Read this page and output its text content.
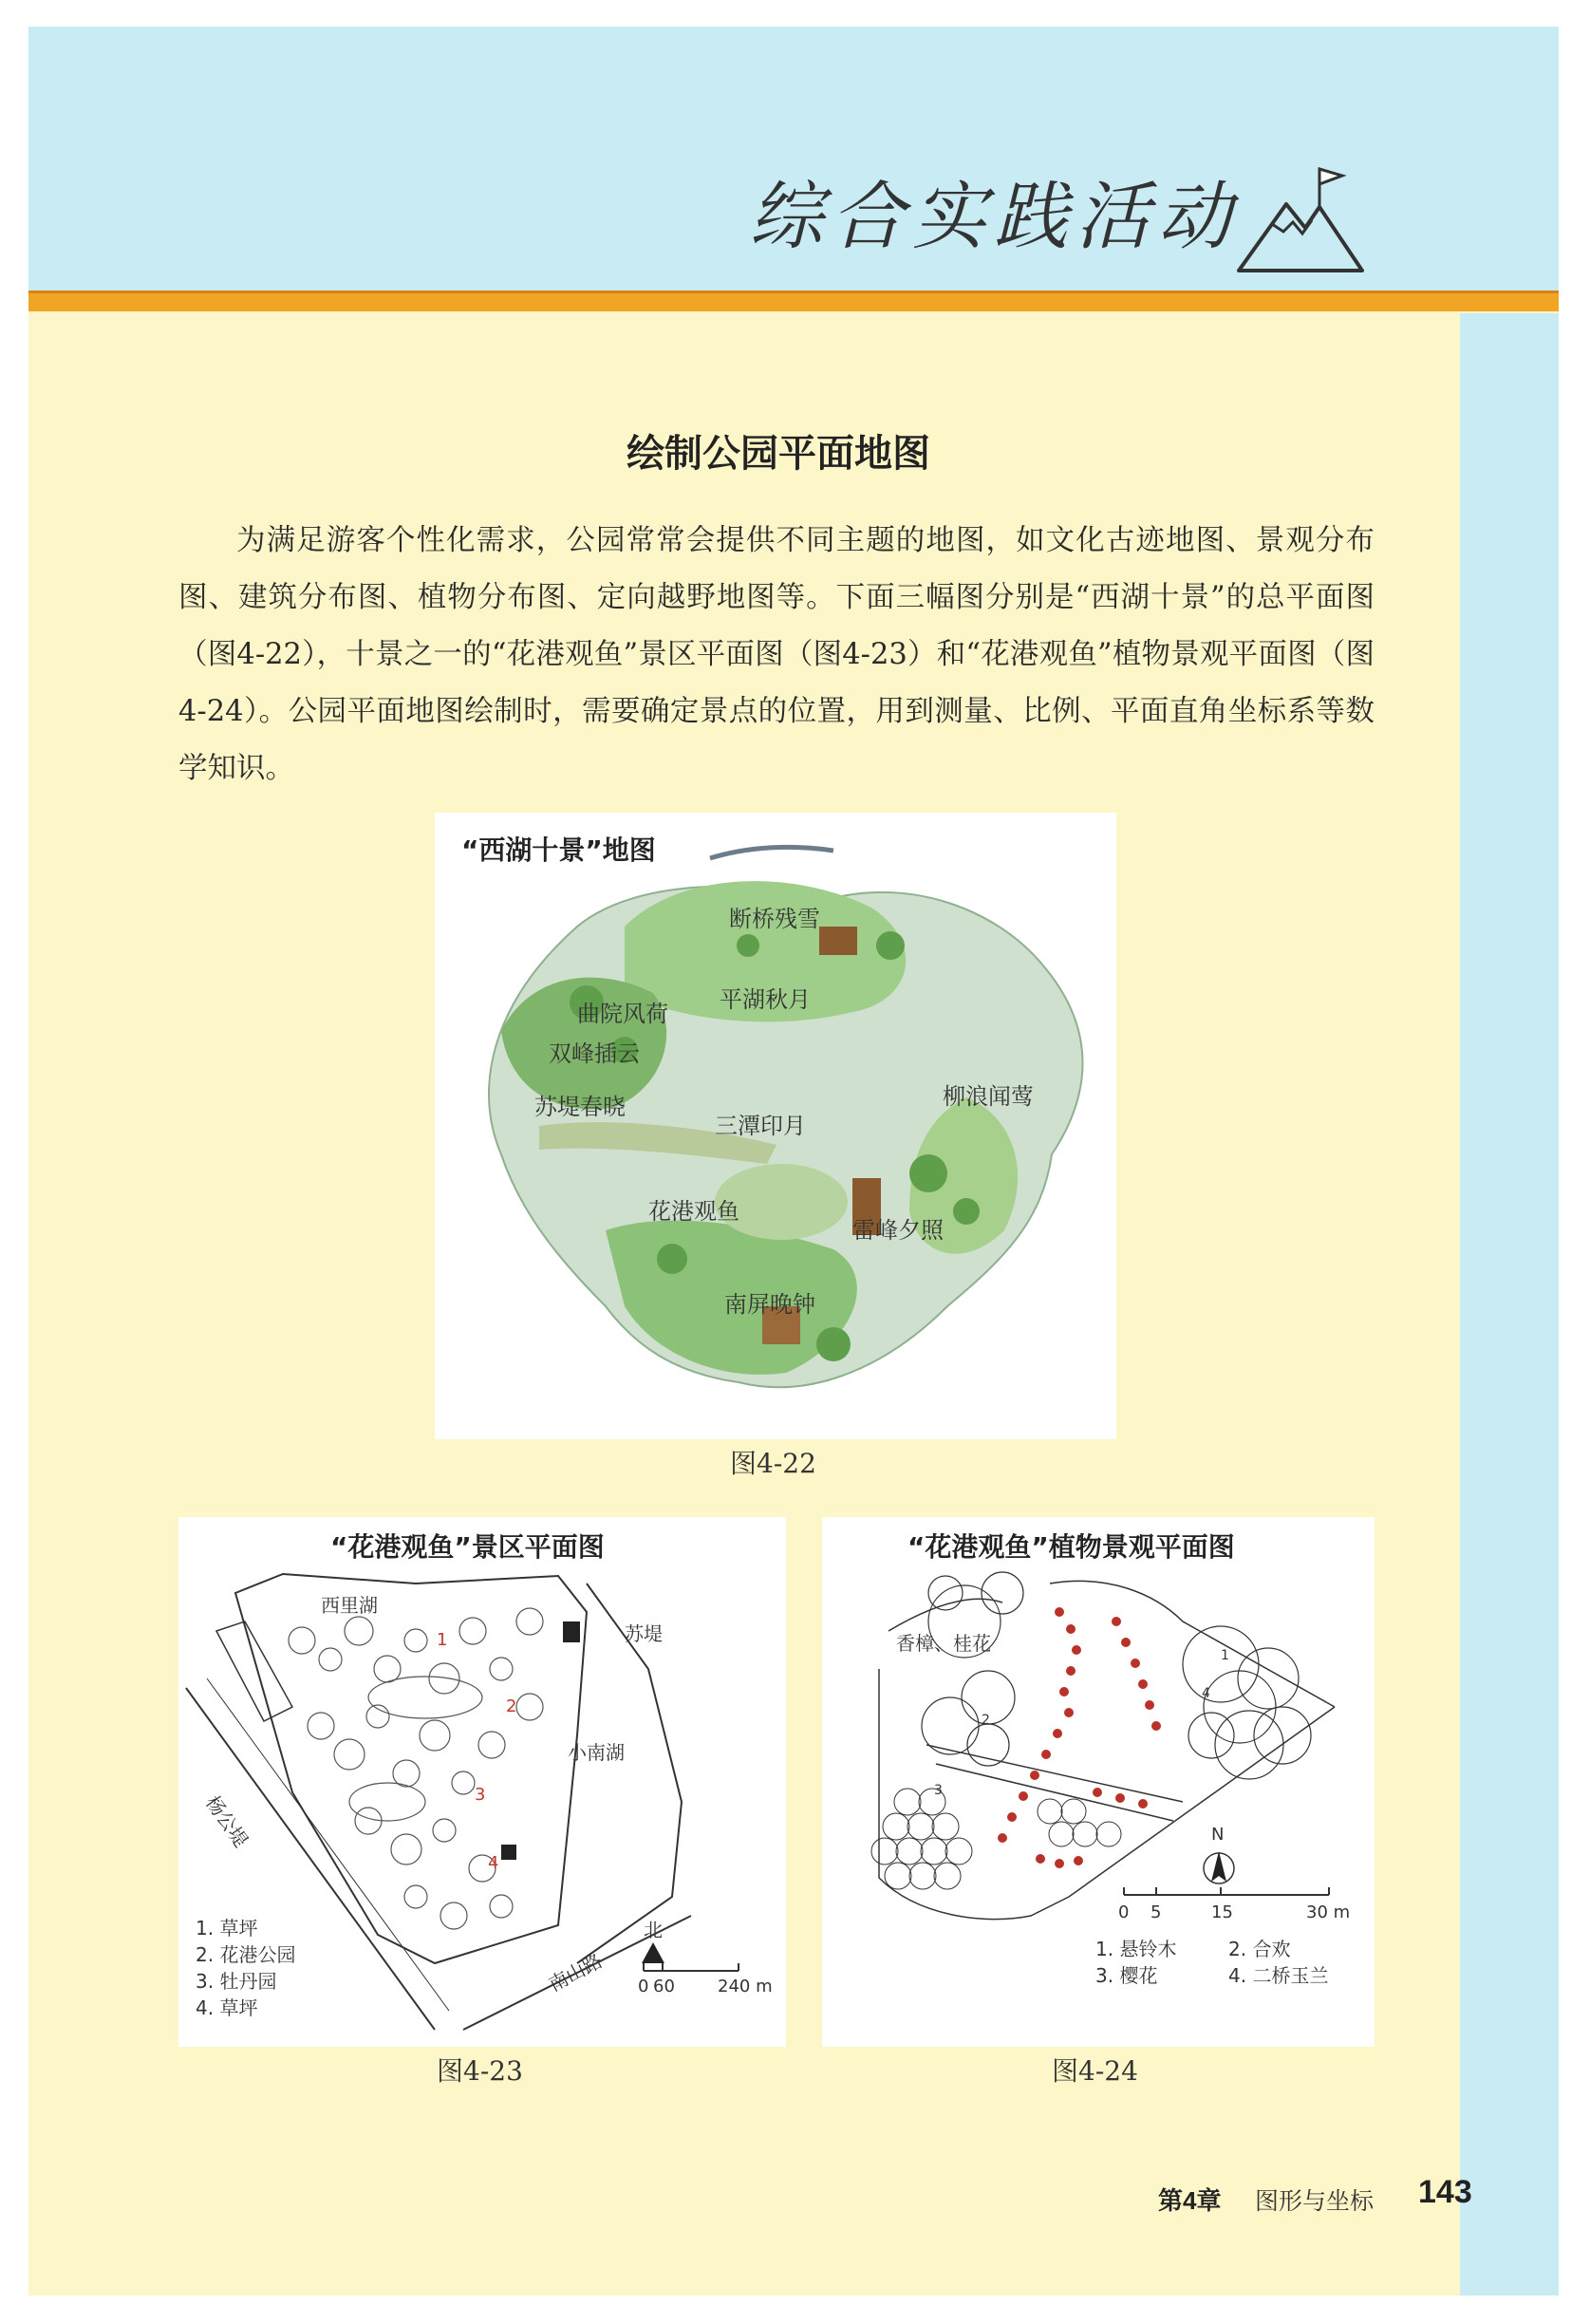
综合实践活动
绘制公园平面地图

为满足游客个性化需求，公园常常会提供不同主题的地图，如文化古迹地图、景观分布图、建筑分布图、植物分布图、定向越野地图等。下面三幅图分别是“西湖十景”的总平面图（图4-22），十景之一的“花港观鱼”景区平面图（图4-23）和“花港观鱼”植物景观平面图（图4-24）。公园平面地图绘制时，需要确定景点的位置，用到测量、比例、平面直角坐标系等数学知识。

“西湖十景”地图
断桥残雪
平湖秋月
曲院风荷
双峰插云
苏堤春晓	柳浪闻莺
三潭印月
花港观鱼
雷峰夕照
南屏晚钟
图4-22
“花港观鱼”景区平面图
西里湖
苏堤
杨公堤
小南湖
南山路
1
2
3
4
1. 草坪
2. 花港公园
3. 牡丹园
4. 草坪
北
0 60	240 m
图4-23
“花港观鱼”植物景观平面图
香樟、桂花
1
2
3
4
N
0 5	15	30 m
1. 悬铃木	2. 合欢
3. 樱花	4. 二桥玉兰
图4-24
第4章 图形与坐标 143
